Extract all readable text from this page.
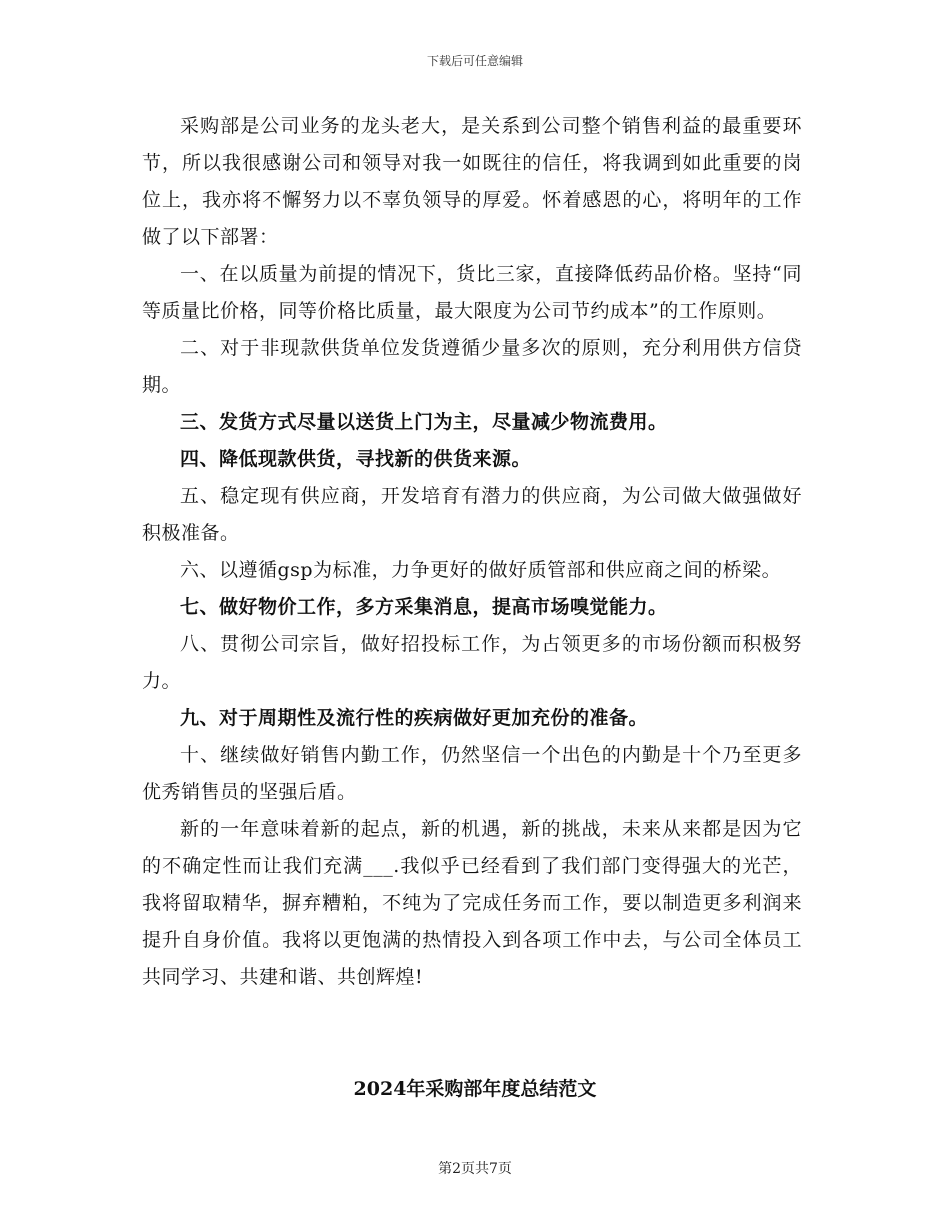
下载后可任意编辑

采购部是公司业务的龙头老大，是关系到公司整个销售利益的最重要环节，所以我很感谢公司和领导对我一如既往的信任，将我调到如此重要的岗位上，我亦将不懈努力以不辜负领导的厚爱。怀着感恩的心，将明年的工作做了以下部署：

一、在以质量为前提的情况下，货比三家，直接降低药品价格。坚持“同等质量比价格，同等价格比质量，最大限度为公司节约成本”的工作原则。

二、对于非现款供货单位发货遵循少量多次的原则，充分利用供方信贷期。

三、发货方式尽量以送货上门为主，尽量减少物流费用。

四、降低现款供货，寻找新的供货来源。

五、稳定现有供应商，开发培育有潜力的供应商，为公司做大做强做好积极准备。

六、以遵循gsp为标准，力争更好的做好质管部和供应商之间的桥梁。

七、做好物价工作，多方采集消息，提高市场嗅觉能力。

八、贯彻公司宗旨，做好招投标工作，为占领更多的市场份额而积极努力。

九、对于周期性及流行性的疾病做好更加充份的准备。

十、继续做好销售内勤工作，仍然坚信一个出色的内勤是十个乃至更多优秀销售员的坚强后盾。

新的一年意味着新的起点，新的机遇，新的挑战，未来从来都是因为它的不确定性而让我们充满___.我似乎已经看到了我们部门变得强大的光芒，我将留取精华，摒弃糟粕，不纯为了完成任务而工作，要以制造更多利润来提升自身价值。我将以更饱满的热情投入到各项工作中去，与公司全体员工共同学习、共建和谐、共创辉煌!

2024年采购部年度总结范文
第2页共7页
